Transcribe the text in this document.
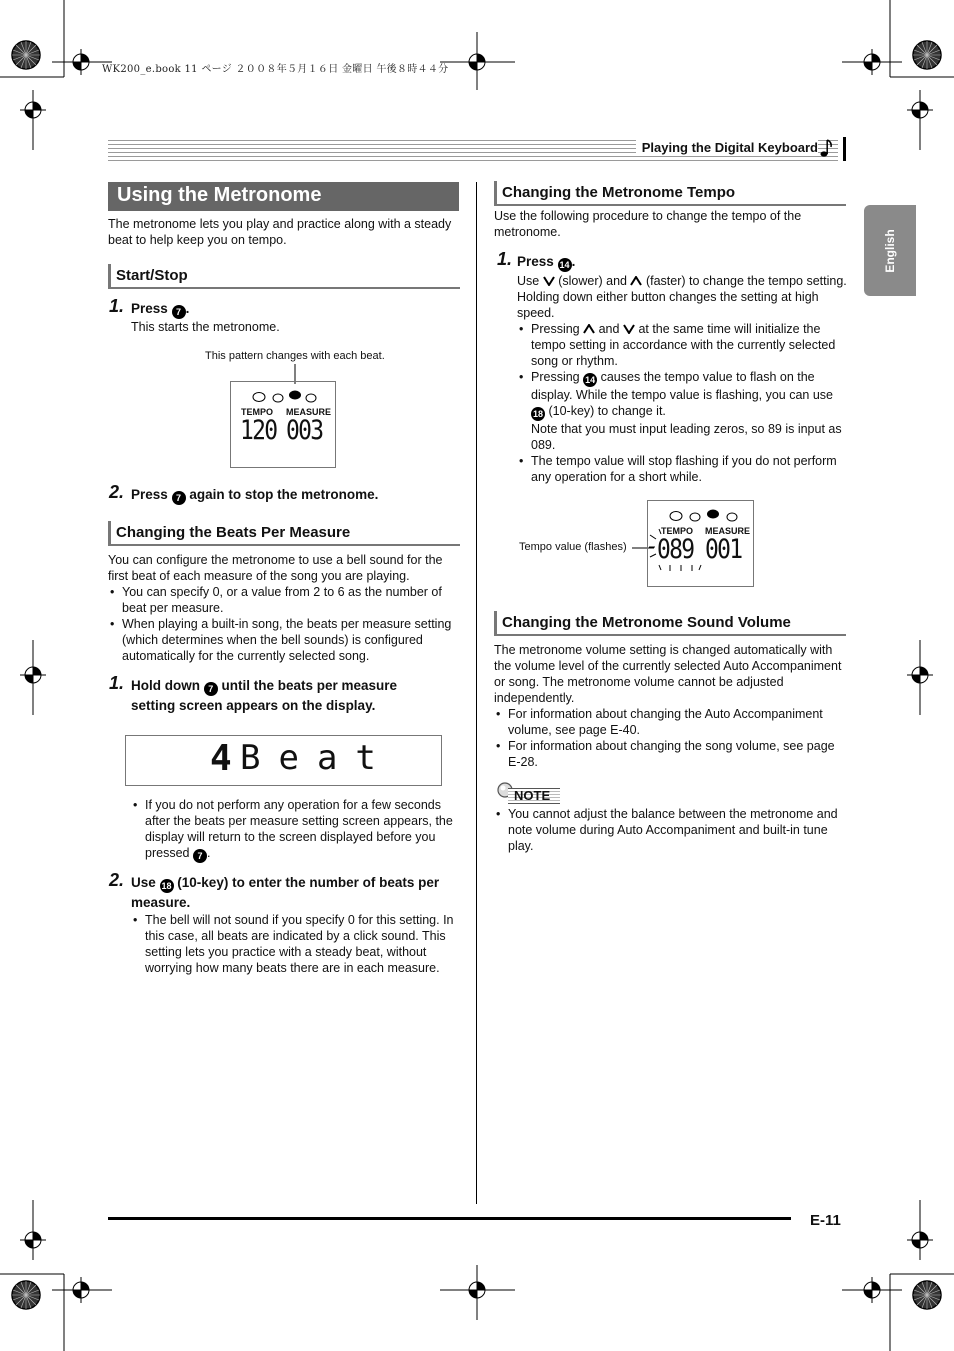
WK200_e.book 11 ページ ２００８年５月１６日 金曜日 午後８時４４分
Playing the Digital Keyboard
English
Using the Metronome
The metronome lets you play and practice along with a steady beat to help keep you on tempo.
Start/Stop
1. Press 7 .
This starts the metronome.
This pattern changes with each beat.
TEMPO MEASURE
120 003
2. Press 7 again to stop the metronome.
Changing the Beats Per Measure
You can configure the metronome to use a bell sound for the first beat of each measure of the song you are playing.
• You can specify 0, or a value from 2 to 6 as the number of beat per measure.
• When playing a built-in song, the beats per measure setting (which determines when the bell sounds) is configured automatically for the currently selected song.
1. Hold down 7 until the beats per measure setting screen appears on the display.
4 Beat
• If you do not perform any operation for a few seconds after the beats per measure setting screen appears, the display will return to the screen displayed before you pressed 7 .
2. Use 18 (10-key) to enter the number of beats per measure.
• The bell will not sound if you specify 0 for this setting. In this case, all beats are indicated by a click sound. This setting lets you practice with a steady beat, without worrying how many beats there are in each measure.
Changing the Metronome Tempo
Use the following procedure to change the tempo of the metronome.
1. Press 14 .
Use (slower) and (faster) to change the tempo setting. Holding down either button changes the setting at high speed.
• Pressing and at the same time will initialize the tempo setting in accordance with the currently selected song or rhythm.
• Pressing 14 causes the tempo value to flash on the display. While the tempo value is flashing, you can use 18 (10-key) to change it.
Note that you must input leading zeros, so 89 is input as 089.
• The tempo value will stop flashing if you do not perform any operation for a short while.
Tempo value (flashes)
TEMPO MEASURE
089 001
Changing the Metronome Sound Volume
The metronome volume setting is changed automatically with the volume level of the currently selected Auto Accompaniment or song. The metronome volume cannot be adjusted independently.
• For information about changing the Auto Accompaniment volume, see page E-40.
• For information about changing the song volume, see page E-28.
NOTE
• You cannot adjust the balance between the metronome and note volume during Auto Accompaniment and built-in tune play.
E-11
